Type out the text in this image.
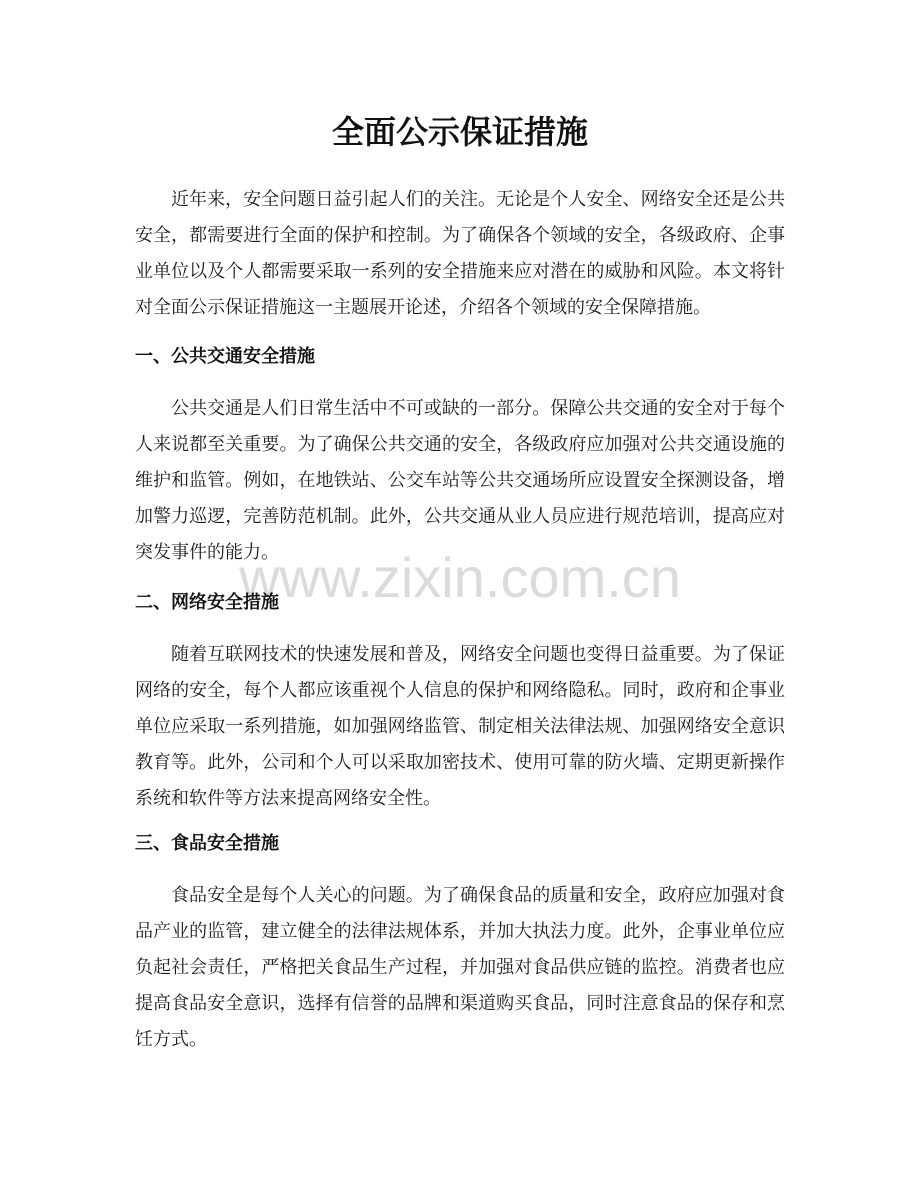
全面公示保证措施
近年来，安全问题日益引起人们的关注。无论是个人安全、网络安全还是公共
安全，都需要进行全面的保护和控制。为了确保各个领域的安全，各级政府、企事
业单位以及个人都需要采取一系列的安全措施来应对潜在的威胁和风险。本文将针
对全面公示保证措施这一主题展开论述，介绍各个领域的安全保障措施。
一、公共交通安全措施
公共交通是人们日常生活中不可或缺的一部分。保障公共交通的安全对于每个
人来说都至关重要。为了确保公共交通的安全，各级政府应加强对公共交通设施的
维护和监管。例如，在地铁站、公交车站等公共交通场所应设置安全探测设备，增
加警力巡逻，完善防范机制。此外，公共交通从业人员应进行规范培训，提高应对
突发事件的能力。
二、网络安全措施
随着互联网技术的快速发展和普及，网络安全问题也变得日益重要。为了保证
网络的安全，每个人都应该重视个人信息的保护和网络隐私。同时，政府和企事业
单位应采取一系列措施，如加强网络监管、制定相关法律法规、加强网络安全意识
教育等。此外，公司和个人可以采取加密技术、使用可靠的防火墙、定期更新操作
系统和软件等方法来提高网络安全性。
三、食品安全措施
食品安全是每个人关心的问题。为了确保食品的质量和安全，政府应加强对食
品产业的监管，建立健全的法律法规体系，并加大执法力度。此外，企事业单位应
负起社会责任，严格把关食品生产过程，并加强对食品供应链的监控。消费者也应
提高食品安全意识，选择有信誉的品牌和渠道购买食品，同时注意食品的保存和烹
饪方式。
www.zixin.com.cn
